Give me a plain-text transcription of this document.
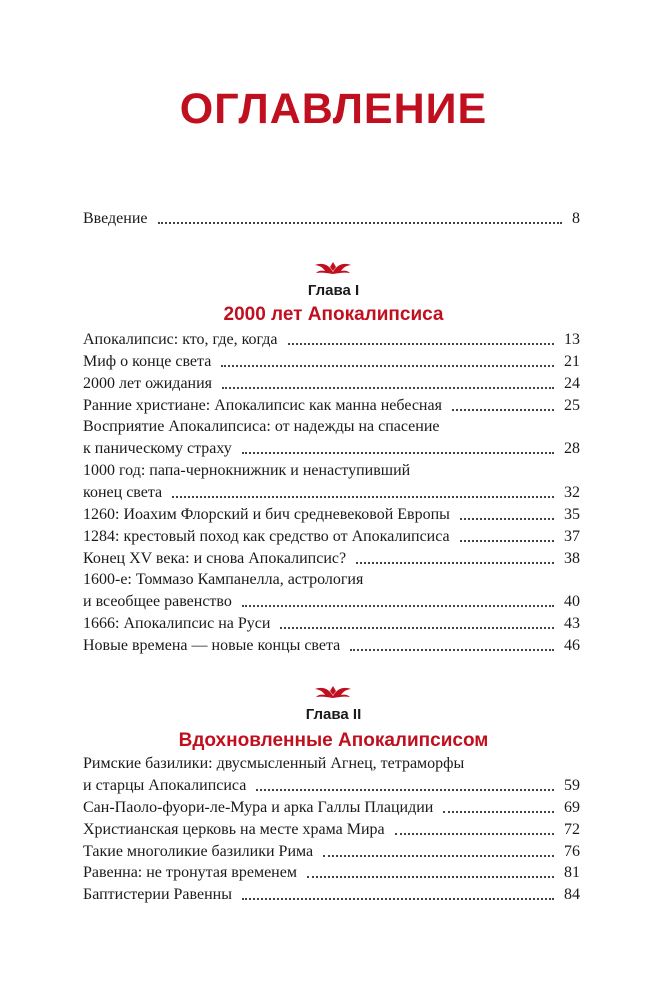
ОГЛАВЛЕНИЕ
Введение	8
Глава I
2000 лет Апокалипсиса
Апокалипсис: кто, где, когда	13
Миф о конце света	21
2000 лет ожидания	24
Ранние христиане: Апокалипсис как манна небесная	25
Восприятие Апокалипсиса: от надежды на спасение
к паническому страху	28
1000 год: папа-чернокнижник и ненаступивший
конец света	32
1260: Иоахим Флорский и бич средневековой Европы	35
1284: крестовый поход как средство от Апокалипсиса	37
Конец XV века: и снова Апокалипсис?	38
1600-е: Томмазо Кампанелла, астрология
и всеобщее равенство	40
1666: Апокалипсис на Руси	43
Новые времена — новые концы света	46
Глава II
Вдохновленные Апокалипсисом
Римские базилики: двусмысленный Агнец, тетраморфы
и старцы Апокалипсиса	59
Сан-Паоло-фуори-ле-Мура и арка Галлы Плацидии	69
Христианская церковь на месте храма Мира	72
Такие многоликие базилики Рима	76
Равенна: не тронутая временем	81
Баптистерии Равенны	84
